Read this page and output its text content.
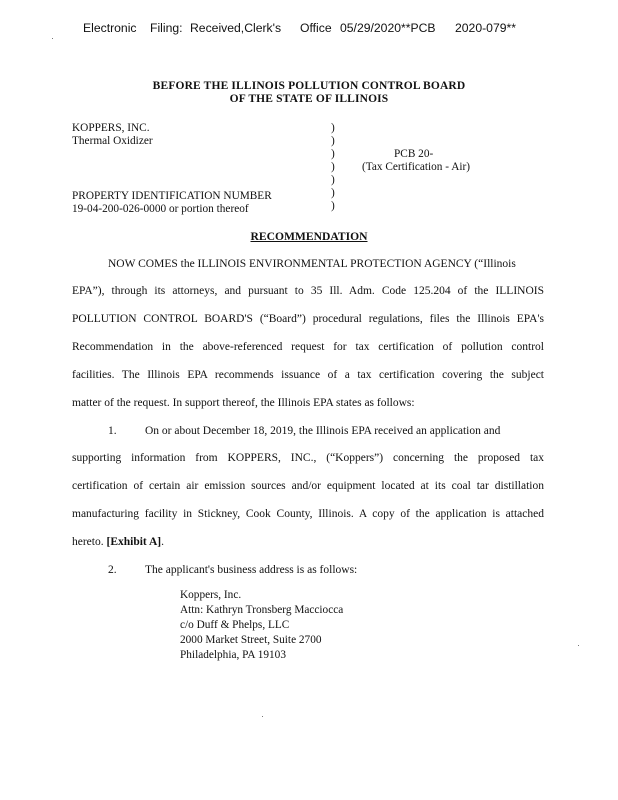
Electronic Filing: Received,Clerk's Office 05/29/2020**PCB 2020-079**
BEFORE THE ILLINOIS POLLUTION CONTROL BOARD
OF THE STATE OF ILLINOIS
KOPPERS, INC.
Thermal Oxidizer
PCB 20-
(Tax Certification - Air)
PROPERTY IDENTIFICATION NUMBER
19-04-200-026-0000 or portion thereof
)
)
)
)
)
)
)
RECOMMENDATION
NOW COMES the ILLINOIS ENVIRONMENTAL PROTECTION AGENCY (“Illinois
EPA”), through its attorneys, and pursuant to 35 Ill. Adm. Code 125.204 of the ILLINOIS
POLLUTION CONTROL BOARD'S (“Board”) procedural regulations, files the Illinois EPA's
Recommendation in the above-referenced request for tax certification of pollution control
facilities. The Illinois EPA recommends issuance of a tax certification covering the subject
matter of the request. In support thereof, the Illinois EPA states as follows:
1. On or about December 18, 2019, the Illinois EPA received an application and
supporting information from KOPPERS, INC., (“Koppers”) concerning the proposed tax
certification of certain air emission sources and/or equipment located at its coal tar distillation
manufacturing facility in Stickney, Cook County, Illinois. A copy of the application is attached
hereto. [Exhibit A].
2. The applicant's business address is as follows:
Koppers, Inc.
Attn: Kathryn Tronsberg Macciocca
c/o Duff & Phelps, LLC
2000 Market Street, Suite 2700
Philadelphia, PA 19103
